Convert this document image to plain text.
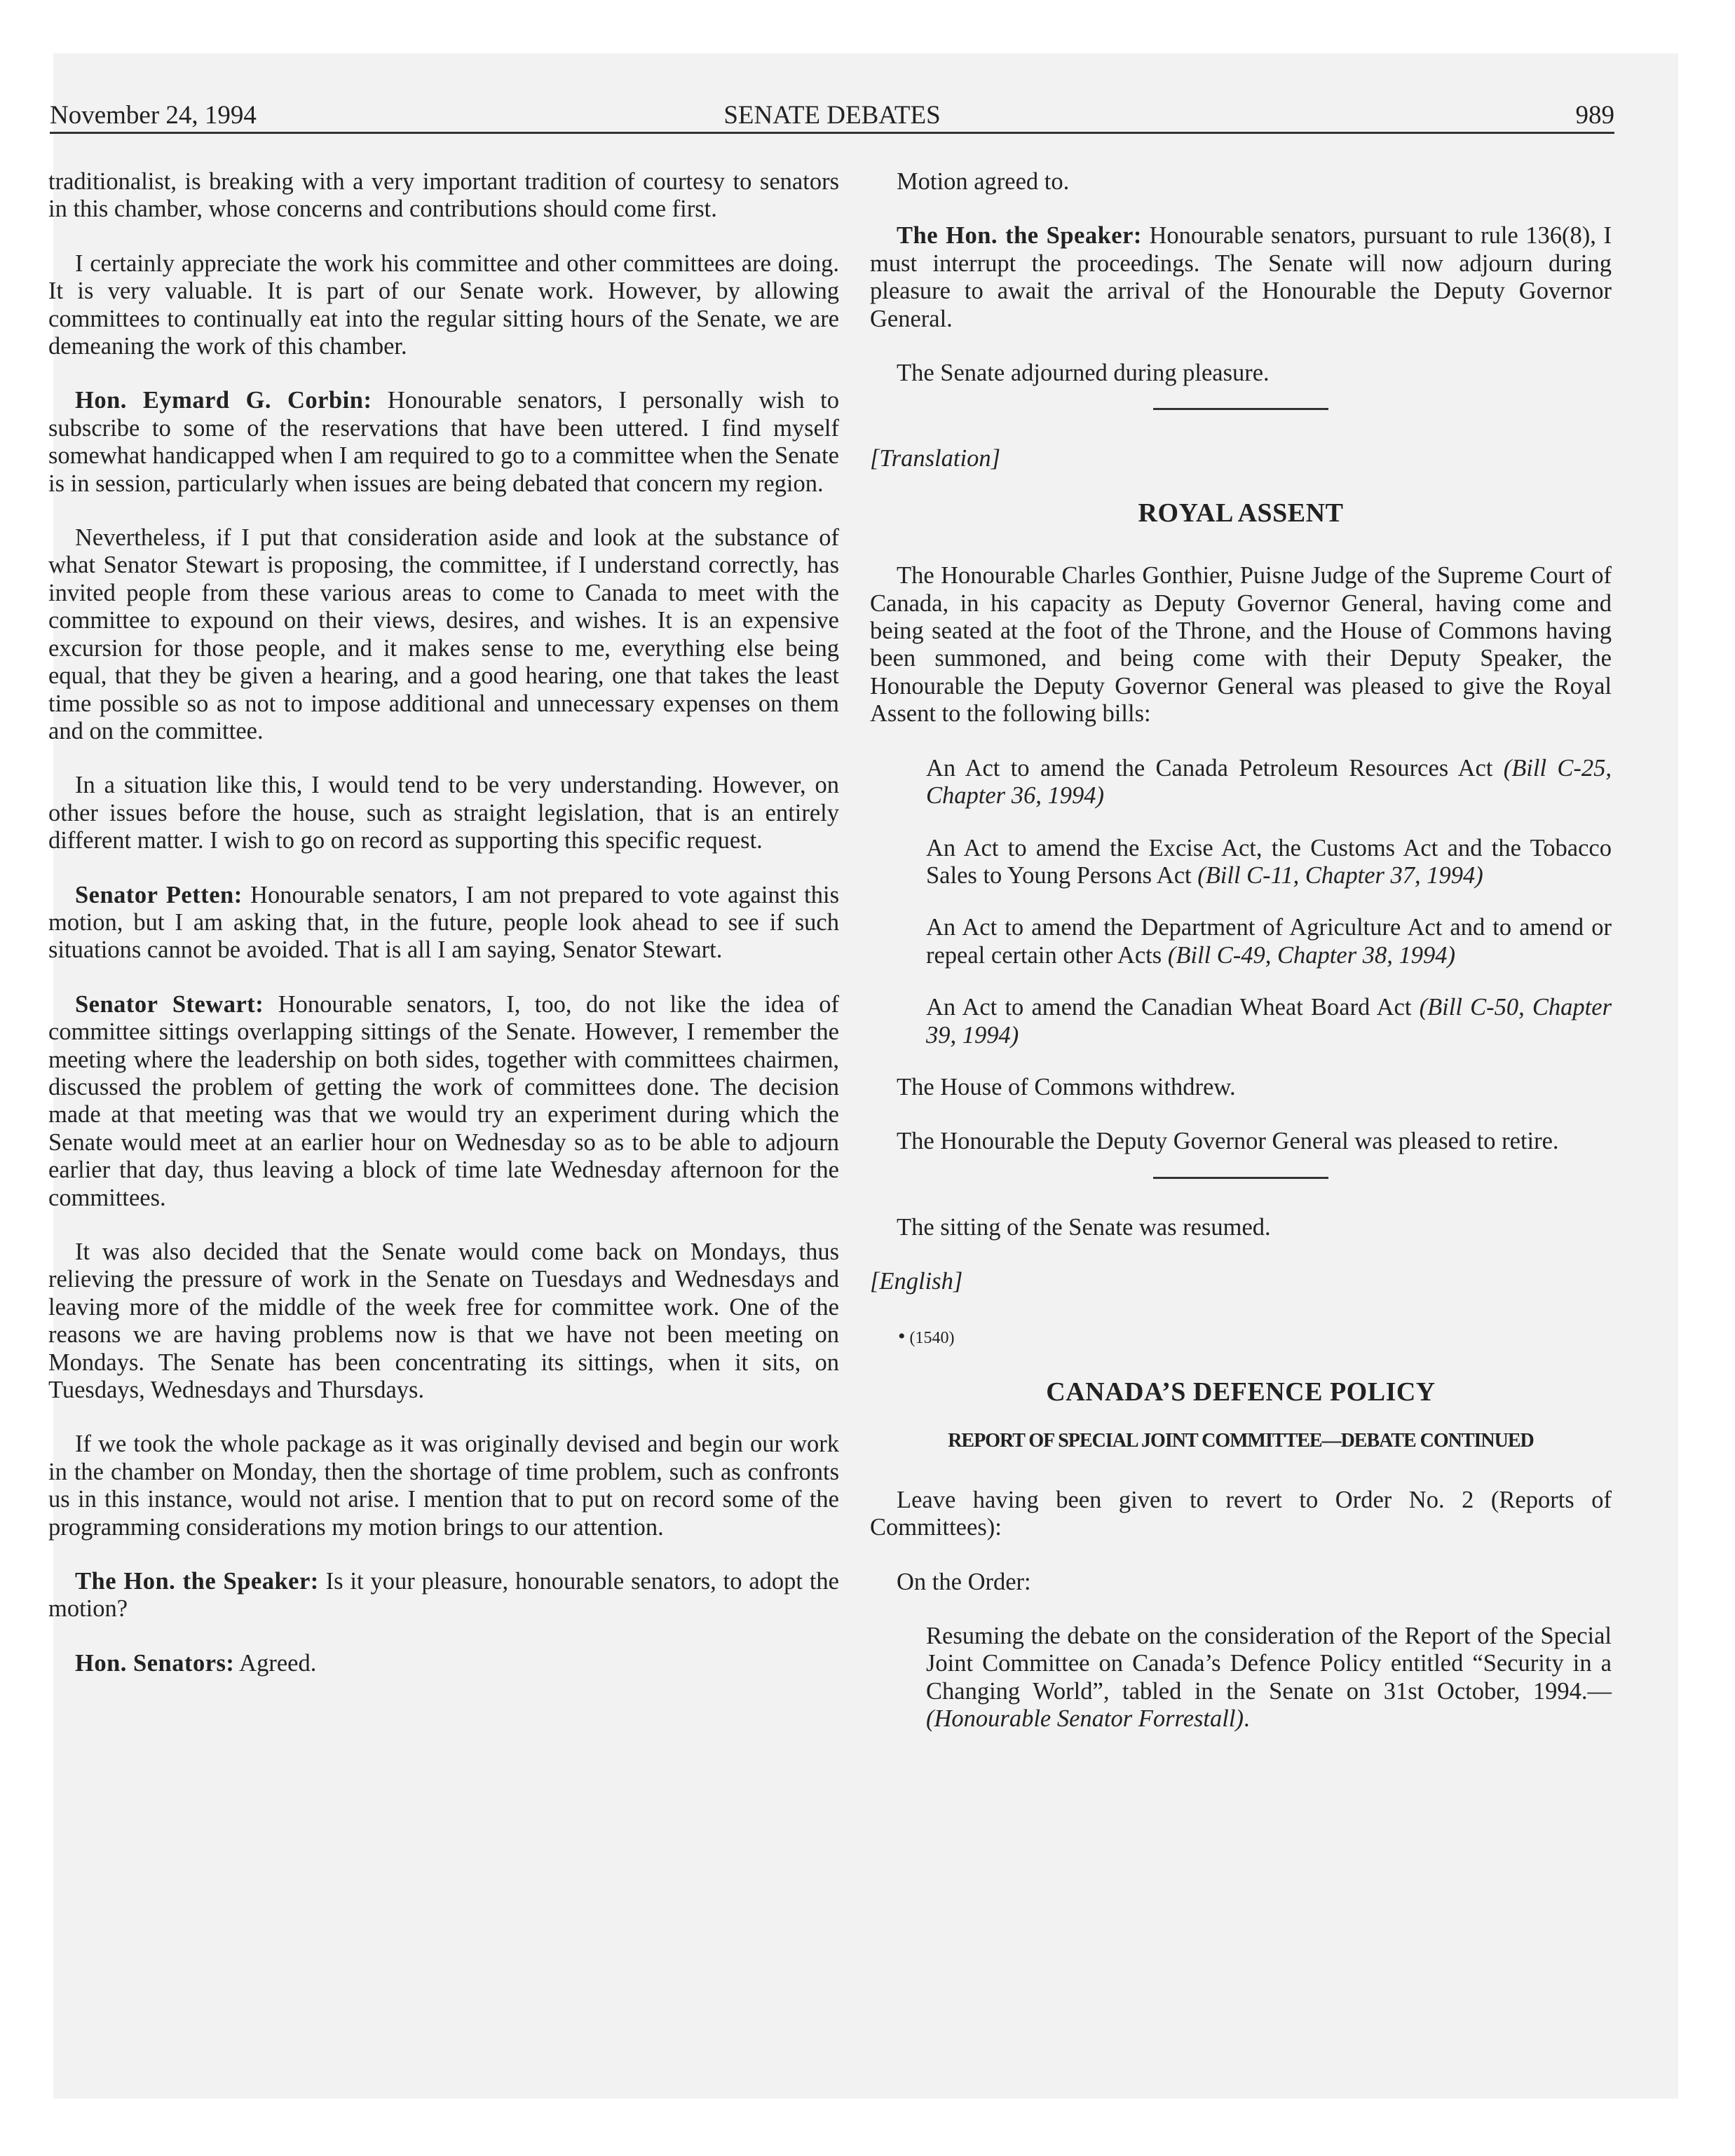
November 24, 1994	SENATE DEBATES	989

traditionalist, is breaking with a very important tradition of courtesy to senators in this chamber, whose concerns and contributions should come first.

I certainly appreciate the work his committee and other committees are doing. It is very valuable. It is part of our Senate work. However, by allowing committees to continually eat into the regular sitting hours of the Senate, we are demeaning the work of this chamber.

Hon. Eymard G. Corbin: Honourable senators, I personally wish to subscribe to some of the reservations that have been uttered. I find myself somewhat handicapped when I am required to go to a committee when the Senate is in session, particularly when issues are being debated that concern my region.

Nevertheless, if I put that consideration aside and look at the substance of what Senator Stewart is proposing, the committee, if I understand correctly, has invited people from these various areas to come to Canada to meet with the committee to expound on their views, desires, and wishes. It is an expensive excursion for those people, and it makes sense to me, everything else being equal, that they be given a hearing, and a good hearing, one that takes the least time possible so as not to impose additional and unnecessary expenses on them and on the committee.

In a situation like this, I would tend to be very understanding. However, on other issues before the house, such as straight legislation, that is an entirely different matter. I wish to go on record as supporting this specific request.

Senator Petten: Honourable senators, I am not prepared to vote against this motion, but I am asking that, in the future, people look ahead to see if such situations cannot be avoided. That is all I am saying, Senator Stewart.

Senator Stewart: Honourable senators, I, too, do not like the idea of committee sittings overlapping sittings of the Senate. However, I remember the meeting where the leadership on both sides, together with committees chairmen, discussed the problem of getting the work of committees done. The decision made at that meeting was that we would try an experiment during which the Senate would meet at an earlier hour on Wednesday so as to be able to adjourn earlier that day, thus leaving a block of time late Wednesday afternoon for the committees.

It was also decided that the Senate would come back on Mondays, thus relieving the pressure of work in the Senate on Tuesdays and Wednesdays and leaving more of the middle of the week free for committee work. One of the reasons we are having problems now is that we have not been meeting on Mondays. The Senate has been concentrating its sittings, when it sits, on Tuesdays, Wednesdays and Thursdays.

If we took the whole package as it was originally devised and begin our work in the chamber on Monday, then the shortage of time problem, such as confronts us in this instance, would not arise. I mention that to put on record some of the programming considerations my motion brings to our attention.

The Hon. the Speaker: Is it your pleasure, honourable senators, to adopt the motion?

Hon. Senators: Agreed.

Motion agreed to.

The Hon. the Speaker: Honourable senators, pursuant to rule 136(8), I must interrupt the proceedings. The Senate will now adjourn during pleasure to await the arrival of the Honourable the Deputy Governor General.

The Senate adjourned during pleasure.

[Translation]

ROYAL ASSENT

The Honourable Charles Gonthier, Puisne Judge of the Supreme Court of Canada, in his capacity as Deputy Governor General, having come and being seated at the foot of the Throne, and the House of Commons having been summoned, and being come with their Deputy Speaker, the Honourable the Deputy Governor General was pleased to give the Royal Assent to the following bills:

An Act to amend the Canada Petroleum Resources Act (Bill C-25, Chapter 36, 1994)

An Act to amend the Excise Act, the Customs Act and the Tobacco Sales to Young Persons Act (Bill C-11, Chapter 37, 1994)

An Act to amend the Department of Agriculture Act and to amend or repeal certain other Acts (Bill C-49, Chapter 38, 1994)

An Act to amend the Canadian Wheat Board Act (Bill C-50, Chapter 39, 1994)

The House of Commons withdrew.

The Honourable the Deputy Governor General was pleased to retire.

The sitting of the Senate was resumed.

[English]

• (1540)

CANADA’S DEFENCE POLICY
REPORT OF SPECIAL JOINT COMMITTEE—DEBATE CONTINUED

Leave having been given to revert to Order No. 2 (Reports of Committees):

On the Order:

Resuming the debate on the consideration of the Report of the Special Joint Committee on Canada’s Defence Policy entitled “Security in a Changing World”, tabled in the Senate on 31st October, 1994.—(Honourable Senator Forrestall).
